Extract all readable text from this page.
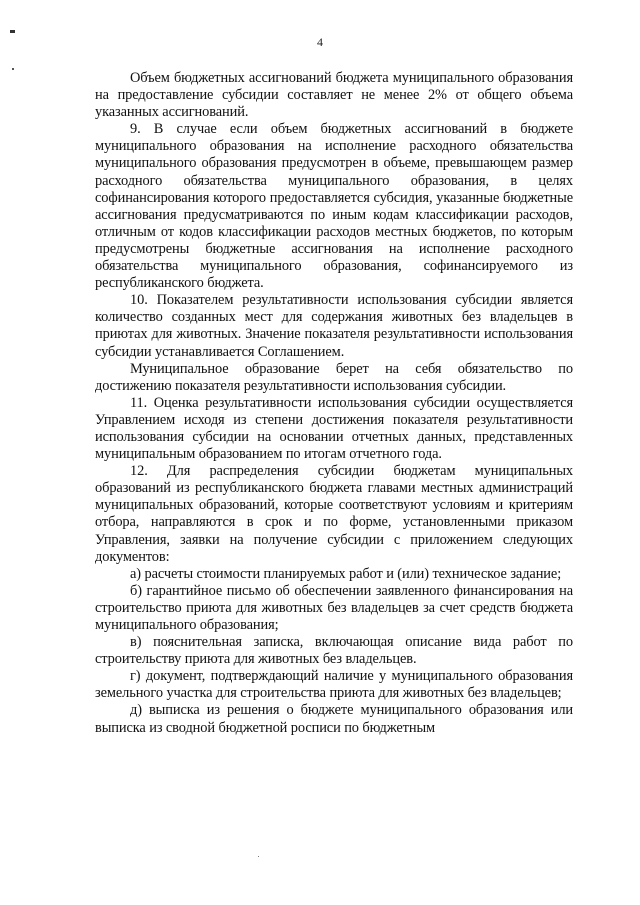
4

Объем бюджетных ассигнований бюджета муниципального образования на предоставление субсидии составляет не менее 2% от общего объема указанных ассигнований.

9. В случае если объем бюджетных ассигнований в бюджете муниципального образования на исполнение расходного обязательства муниципального образования предусмотрен в объеме, превышающем размер расходного обязательства муниципального образования, в целях софинансирования которого предоставляется субсидия, указанные бюджетные ассигнования предусматриваются по иным кодам классификации расходов, отличным от кодов классификации расходов местных бюджетов, по которым предусмотрены бюджетные ассигнования на исполнение расходного обязательства муниципального образования, софинансируемого из республиканского бюджета.

10. Показателем результативности использования субсидии является количество созданных мест для содержания животных без владельцев в приютах для животных. Значение показателя результативности использования субсидии устанавливается Соглашением.

Муниципальное образование берет на себя обязательство по достижению показателя результативности использования субсидии.

11. Оценка результативности использования субсидии осуществляется Управлением исходя из степени достижения показателя результативности использования субсидии на основании отчетных данных, представленных муниципальным образованием по итогам отчетного года.

12. Для распределения субсидии бюджетам муниципальных образований из республиканского бюджета главами местных администраций муниципальных образований, которые соответствуют условиям и критериям отбора, направляются в срок и по форме, установленными приказом Управления, заявки на получение субсидии с приложением следующих документов:

а) расчеты стоимости планируемых работ и (или) техническое задание;

б) гарантийное письмо об обеспечении заявленного финансирования на строительство приюта для животных без владельцев за счет средств бюджета муниципального образования;

в) пояснительная записка, включающая описание вида работ по строительству приюта для животных без владельцев.

г) документ, подтверждающий наличие у муниципального образования земельного участка для строительства приюта для животных без владельцев;

д) выписка из решения о бюджете муниципального образования или выписка из сводной бюджетной росписи по бюджетным
